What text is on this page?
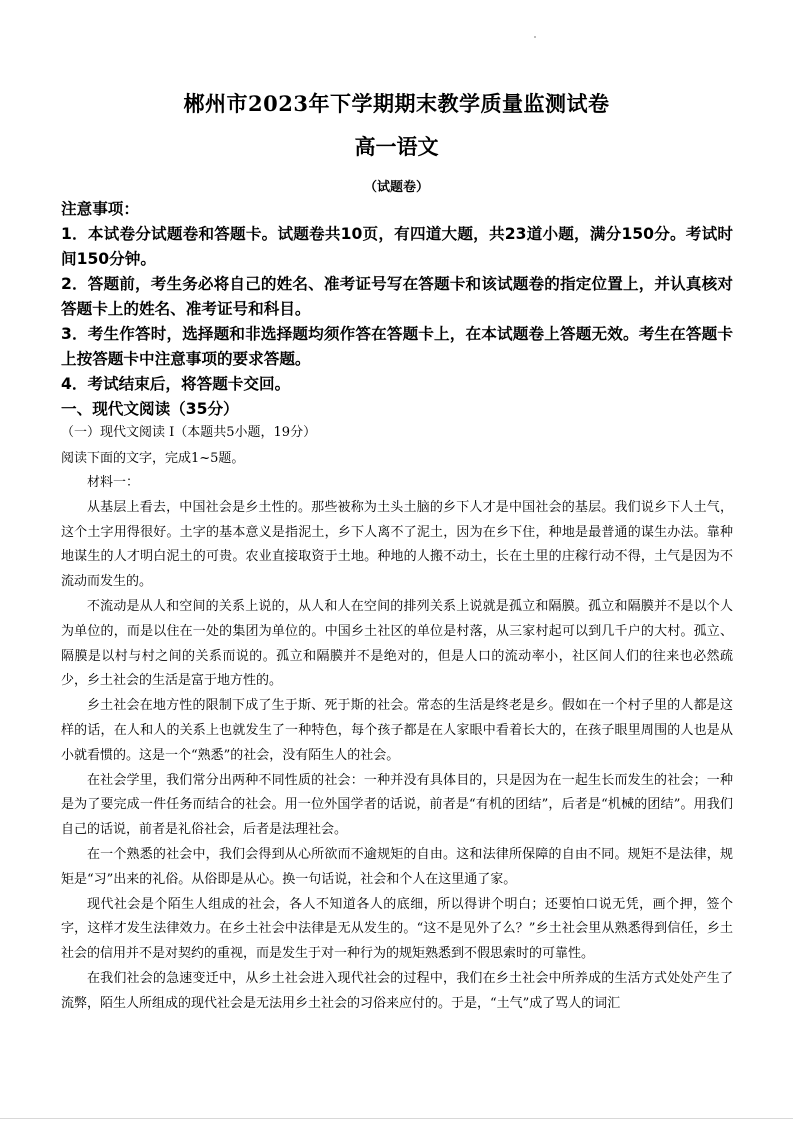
郴州市2023年下学期期末教学质量监测试卷
高一语文
（试题卷）

注意事项：

1．本试卷分试题卷和答题卡。试题卷共10页，有四道大题，共23道小题，满分150分。考试时间150分钟。

2．答题前，考生务必将自己的姓名、准考证号写在答题卡和该试题卷的指定位置上，并认真核对答题卡上的姓名、准考证号和科目。

3．考生作答时，选择题和非选择题均须作答在答题卡上，在本试题卷上答题无效。考生在答题卡上按答题卡中注意事项的要求答题。

4．考试结束后，将答题卡交回。

一、现代文阅读（35分）
（一）现代文阅读 I（本题共5小题，19分）
阅读下面的文字，完成1~5题。

材料一：

从基层上看去，中国社会是乡土性的。那些被称为土头土脑的乡下人才是中国社会的基层。我们说乡下人土气，这个土字用得很好。土字的基本意义是指泥土，乡下人离不了泥土，因为在乡下住，种地是最普通的谋生办法。靠种地谋生的人才明白泥土的可贵。农业直接取资于土地。种地的人搬不动土，长在土里的庄稼行动不得，土气是因为不流动而发生的。

不流动是从人和空间的关系上说的，从人和人在空间的排列关系上说就是孤立和隔膜。孤立和隔膜并不是以个人为单位的，而是以住在一处的集团为单位的。中国乡土社区的单位是村落，从三家村起可以到几千户的大村。孤立、隔膜是以村与村之间的关系而说的。孤立和隔膜并不是绝对的，但是人口的流动率小，社区间人们的往来也必然疏少，乡土社会的生活是富于地方性的。

乡土社会在地方性的限制下成了生于斯、死于斯的社会。常态的生活是终老是乡。假如在一个村子里的人都是这样的话，在人和人的关系上也就发生了一种特色，每个孩子都是在人家眼中看着长大的，在孩子眼里周围的人也是从小就看惯的。这是一个“熟悉”的社会，没有陌生人的社会。

在社会学里，我们常分出两种不同性质的社会：一种并没有具体目的，只是因为在一起生长而发生的社会；一种是为了要完成一件任务而结合的社会。用一位外国学者的话说，前者是“有机的团结”，后者是“机械的团结”。用我们自己的话说，前者是礼俗社会，后者是法理社会。

在一个熟悉的社会中，我们会得到从心所欲而不逾规矩的自由。这和法律所保障的自由不同。规矩不是法律，规矩是“习”出来的礼俗。从俗即是从心。换一句话说，社会和个人在这里通了家。

现代社会是个陌生人组成的社会，各人不知道各人的底细，所以得讲个明白；还要怕口说无凭，画个押，签个字，这样才发生法律效力。在乡土社会中法律是无从发生的。“这不是见外了么？”乡土社会里从熟悉得到信任，乡土社会的信用并不是对契约的重视，而是发生于对一种行为的规矩熟悉到不假思索时的可靠性。

在我们社会的急速变迁中，从乡土社会进入现代社会的过程中，我们在乡土社会中所养成的生活方式处处产生了流弊，陌生人所组成的现代社会是无法用乡土社会的习俗来应付的。于是，“土气”成了骂人的词汇
